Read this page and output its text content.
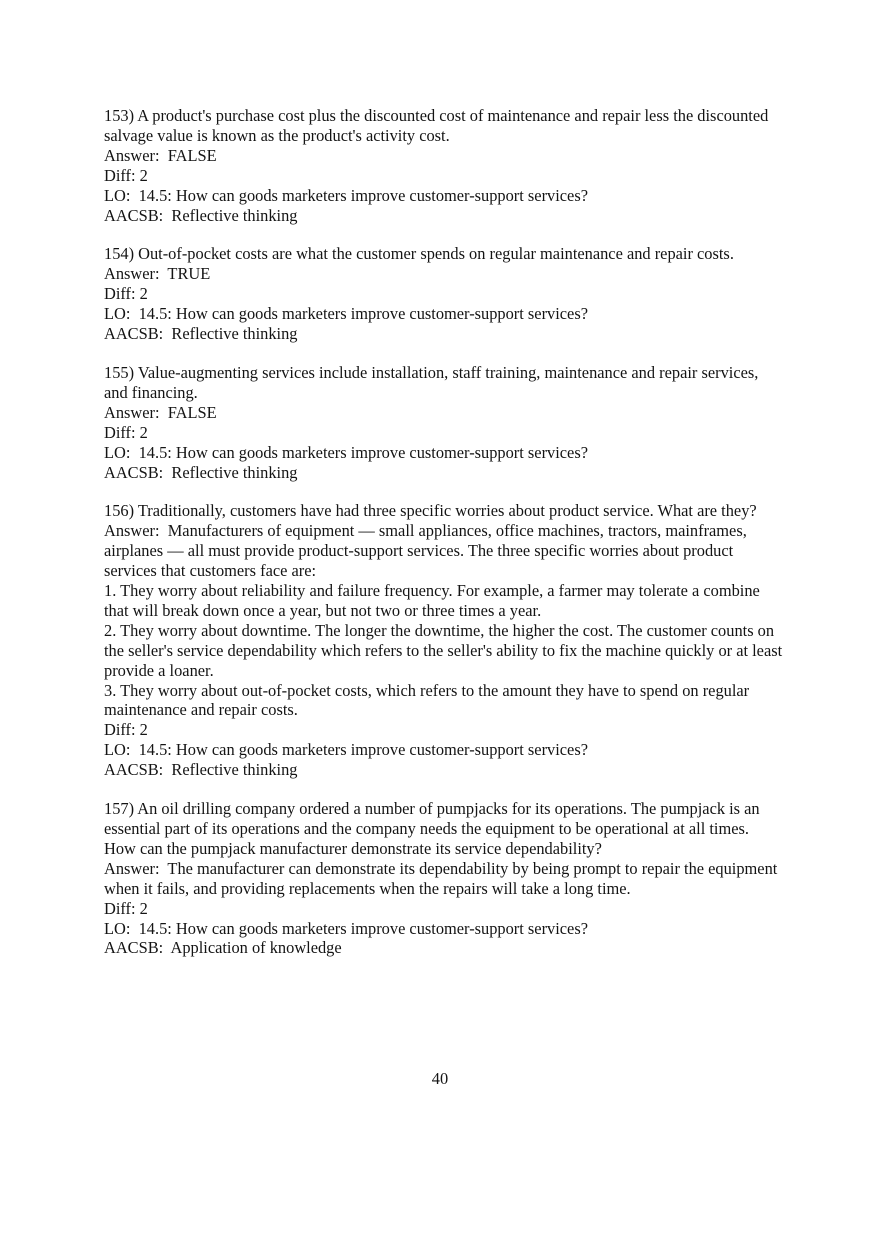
153) A product's purchase cost plus the discounted cost of maintenance and repair less the discounted salvage value is known as the product's activity cost.

Answer:  FALSE

Diff: 2

LO:  14.5: How can goods marketers improve customer-support services?

AACSB:  Reflective thinking

154) Out-of-pocket costs are what the customer spends on regular maintenance and repair costs.

Answer:  TRUE

Diff: 2

LO:  14.5: How can goods marketers improve customer-support services?

AACSB:  Reflective thinking

155) Value-augmenting services include installation, staff training, maintenance and repair services, and financing.

Answer:  FALSE

Diff: 2

LO:  14.5: How can goods marketers improve customer-support services?

AACSB:  Reflective thinking

156) Traditionally, customers have had three specific worries about product service. What are they?

Answer:  Manufacturers of equipment — small appliances, office machines, tractors, mainframes, airplanes — all must provide product-support services. The three specific worries about product services that customers face are:

1. They worry about reliability and failure frequency. For example, a farmer may tolerate a combine that will break down once a year, but not two or three times a year.

2. They worry about downtime. The longer the downtime, the higher the cost. The customer counts on the seller's service dependability which refers to the seller's ability to fix the machine quickly or at least provide a loaner.

3. They worry about out-of-pocket costs, which refers to the amount they have to spend on regular maintenance and repair costs.

Diff: 2

LO:  14.5: How can goods marketers improve customer-support services?

AACSB:  Reflective thinking

157) An oil drilling company ordered a number of pumpjacks for its operations. The pumpjack is an essential part of its operations and the company needs the equipment to be operational at all times. How can the pumpjack manufacturer demonstrate its service dependability?

Answer:  The manufacturer can demonstrate its dependability by being prompt to repair the equipment when it fails, and providing replacements when the repairs will take a long time.

Diff: 2

LO:  14.5: How can goods marketers improve customer-support services?

AACSB:  Application of knowledge

40
